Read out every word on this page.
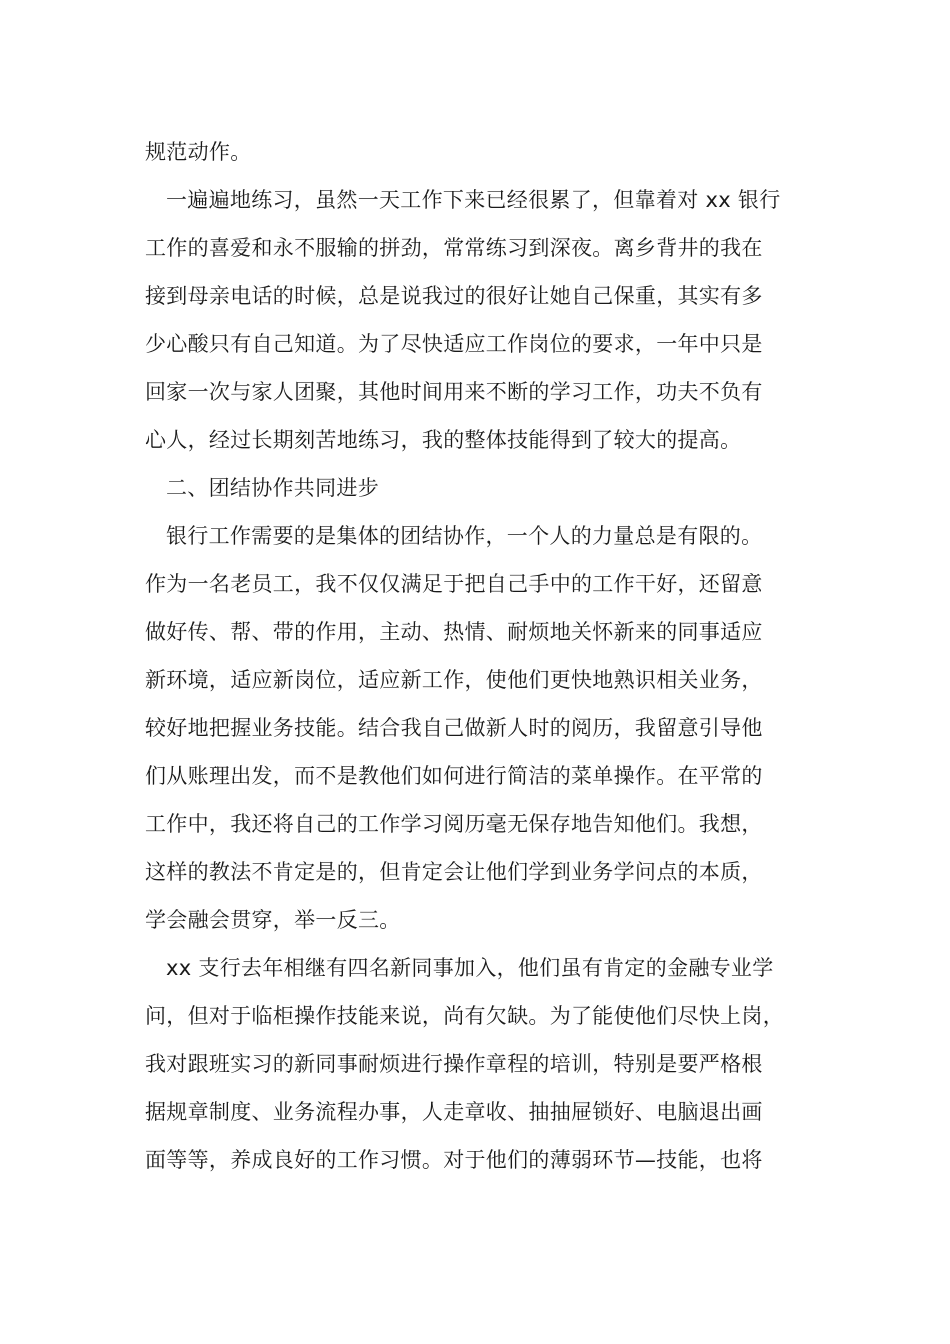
规范动作。
一遍遍地练习，虽然一天工作下来已经很累了，但靠着对 xx 银行
工作的喜爱和永不服输的拼劲，常常练习到深夜。离乡背井的我在
接到母亲电话的时候，总是说我过的很好让她自己保重，其实有多
少心酸只有自己知道。为了尽快适应工作岗位的要求，一年中只是
回家一次与家人团聚，其他时间用来不断的学习工作，功夫不负有
心人，经过长期刻苦地练习，我的整体技能得到了较大的提高。
二、团结协作共同进步
银行工作需要的是集体的团结协作，一个人的力量总是有限的。
作为一名老员工，我不仅仅满足于把自己手中的工作干好，还留意
做好传、帮、带的作用，主动、热情、耐烦地关怀新来的同事适应
新环境，适应新岗位，适应新工作，使他们更快地熟识相关业务，
较好地把握业务技能。结合我自己做新人时的阅历，我留意引导他
们从账理出发，而不是教他们如何进行简洁的菜单操作。在平常的
工作中，我还将自己的工作学习阅历毫无保存地告知他们。我想，
这样的教法不肯定是的，但肯定会让他们学到业务学问点的本质，
学会融会贯穿，举一反三。
xx 支行去年相继有四名新同事加入，他们虽有肯定的金融专业学
问，但对于临柜操作技能来说，尚有欠缺。为了能使他们尽快上岗，
我对跟班实习的新同事耐烦进行操作章程的培训，特别是要严格根
据规章制度、业务流程办事，人走章收、抽抽屉锁好、电脑退出画
面等等，养成良好的工作习惯。对于他们的薄弱环节—技能，也将
